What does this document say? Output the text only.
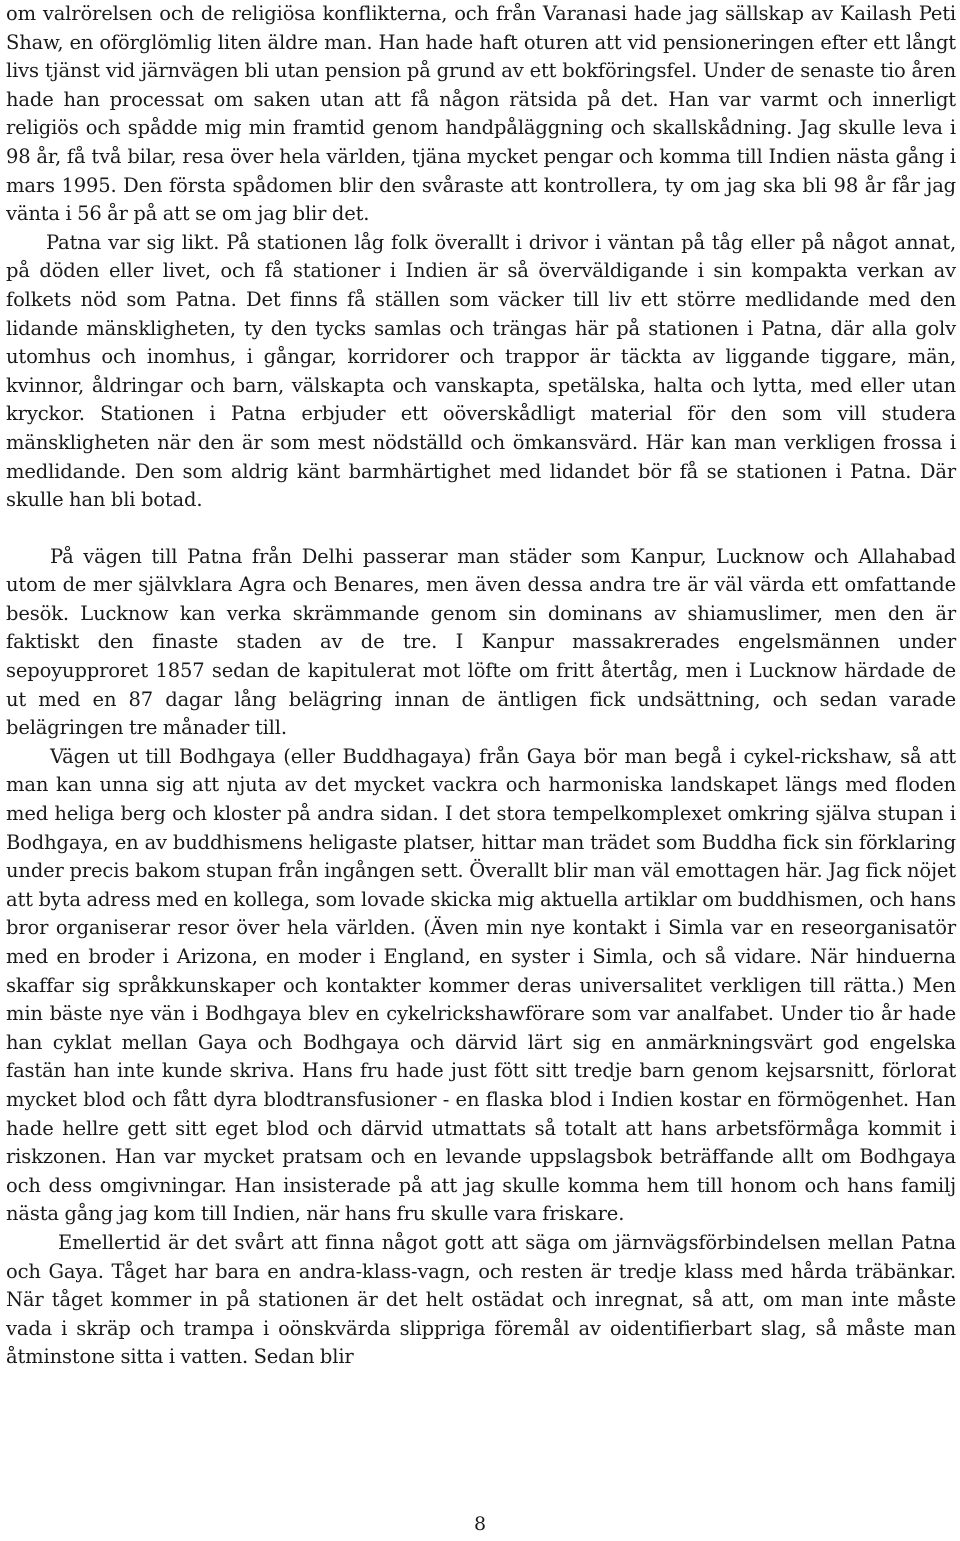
om valrörelsen och de religiösa konflikterna, och från Varanasi hade jag sällskap av Kailash Peti Shaw, en oförglömlig liten äldre man. Han hade haft oturen att vid pensioneringen efter ett långt livs tjänst vid järnvägen bli utan pension på grund av ett bokföringsfel. Under de senaste tio åren hade han processat om saken utan att få någon rätsida på det. Han var varmt och innerligt religiös och spådde mig min framtid genom handpåläggning och skallskådning. Jag skulle leva i 98 år, få två bilar, resa över hela världen, tjäna mycket pengar och komma till Indien nästa gång i mars 1995. Den första spådomen blir den svåraste att kontrollera, ty om jag ska bli 98 år får jag vänta i 56 år på att se om jag blir det.

Patna var sig likt. På stationen låg folk överallt i drivor i väntan på tåg eller på något annat, på döden eller livet, och få stationer i Indien är så överväldigande i sin kompakta verkan av folkets nöd som Patna. Det finns få ställen som väcker till liv ett större medlidande med den lidande mänskligheten, ty den tycks samlas och trängas här på stationen i Patna, där alla golv utomhus och inomhus, i gångar, korridorer och trappor är täckta av liggande tiggare, män, kvinnor, åldringar och barn, välskapta och vanskapta, spetälska, halta och lytta, med eller utan kryckor. Stationen i Patna erbjuder ett oöverskådligt material för den som vill studera mänskligheten när den är som mest nödställd och ömkansvärd. Här kan man verkligen frossa i medlidande. Den som aldrig känt barmhärtighet med lidandet bör få se stationen i Patna. Där skulle han bli botad.

På vägen till Patna från Delhi passerar man städer som Kanpur, Lucknow och Allahabad utom de mer självklara Agra och Benares, men även dessa andra tre är väl värda ett omfattande besök. Lucknow kan verka skrämmande genom sin dominans av shiamuslimer, men den är faktiskt den finaste staden av de tre. I Kanpur massakrerades engelsmännen under sepoyupproret 1857 sedan de kapitulerat mot löfte om fritt återtåg, men i Lucknow härdade de ut med en 87 dagar lång belägring innan de äntligen fick undsättning, och sedan varade belägringen tre månader till.

Vägen ut till Bodhgaya (eller Buddhagaya) från Gaya bör man begå i cykel-rickshaw, så att man kan unna sig att njuta av det mycket vackra och harmoniska landskapet längs med floden med heliga berg och kloster på andra sidan. I det stora tempelkomplexet omkring själva stupan i Bodhgaya, en av buddhismens heligaste platser, hittar man trädet som Buddha fick sin förklaring under precis bakom stupan från ingången sett. Överallt blir man väl emottagen här. Jag fick nöjet att byta adress med en kollega, som lovade skicka mig aktuella artiklar om buddhismen, och hans bror organiserar resor över hela världen. (Även min nye kontakt i Simla var en reseorganisatör med en broder i Arizona, en moder i England, en syster i Simla, och så vidare. När hinduerna skaffar sig språkkunskaper och kontakter kommer deras universalitet verkligen till rätta.) Men min bäste nye vän i Bodhgaya blev en cykelrickshawförare som var analfabet. Under tio år hade han cyklat mellan Gaya och Bodhgaya och därvid lärt sig en anmärkningsvärt god engelska fastän han inte kunde skriva. Hans fru hade just fött sitt tredje barn genom kejsarsnitt, förlorat mycket blod och fått dyra blodtransfusioner - en flaska blod i Indien kostar en förmögenhet. Han hade hellre gett sitt eget blod och därvid utmattats så totalt att hans arbetsförmåga kommit i riskzonen. Han var mycket pratsam och en levande uppslagsbok beträffande allt om Bodhgaya och dess omgivningar. Han insisterade på att jag skulle komma hem till honom och hans familj nästa gång jag kom till Indien, när hans fru skulle vara friskare.

Emellertid är det svårt att finna något gott att säga om järnvägsförbindelsen mellan Patna och Gaya. Tåget har bara en andra-klass-vagn, och resten är tredje klass med hårda träbänkar. När tåget kommer in på stationen är det helt ostädat och inregnat, så att, om man inte måste vada i skräp och trampa i oönskvärda slippriga föremål av oidentifierbart slag, så måste man åtminstone sitta i vatten. Sedan blir

8
